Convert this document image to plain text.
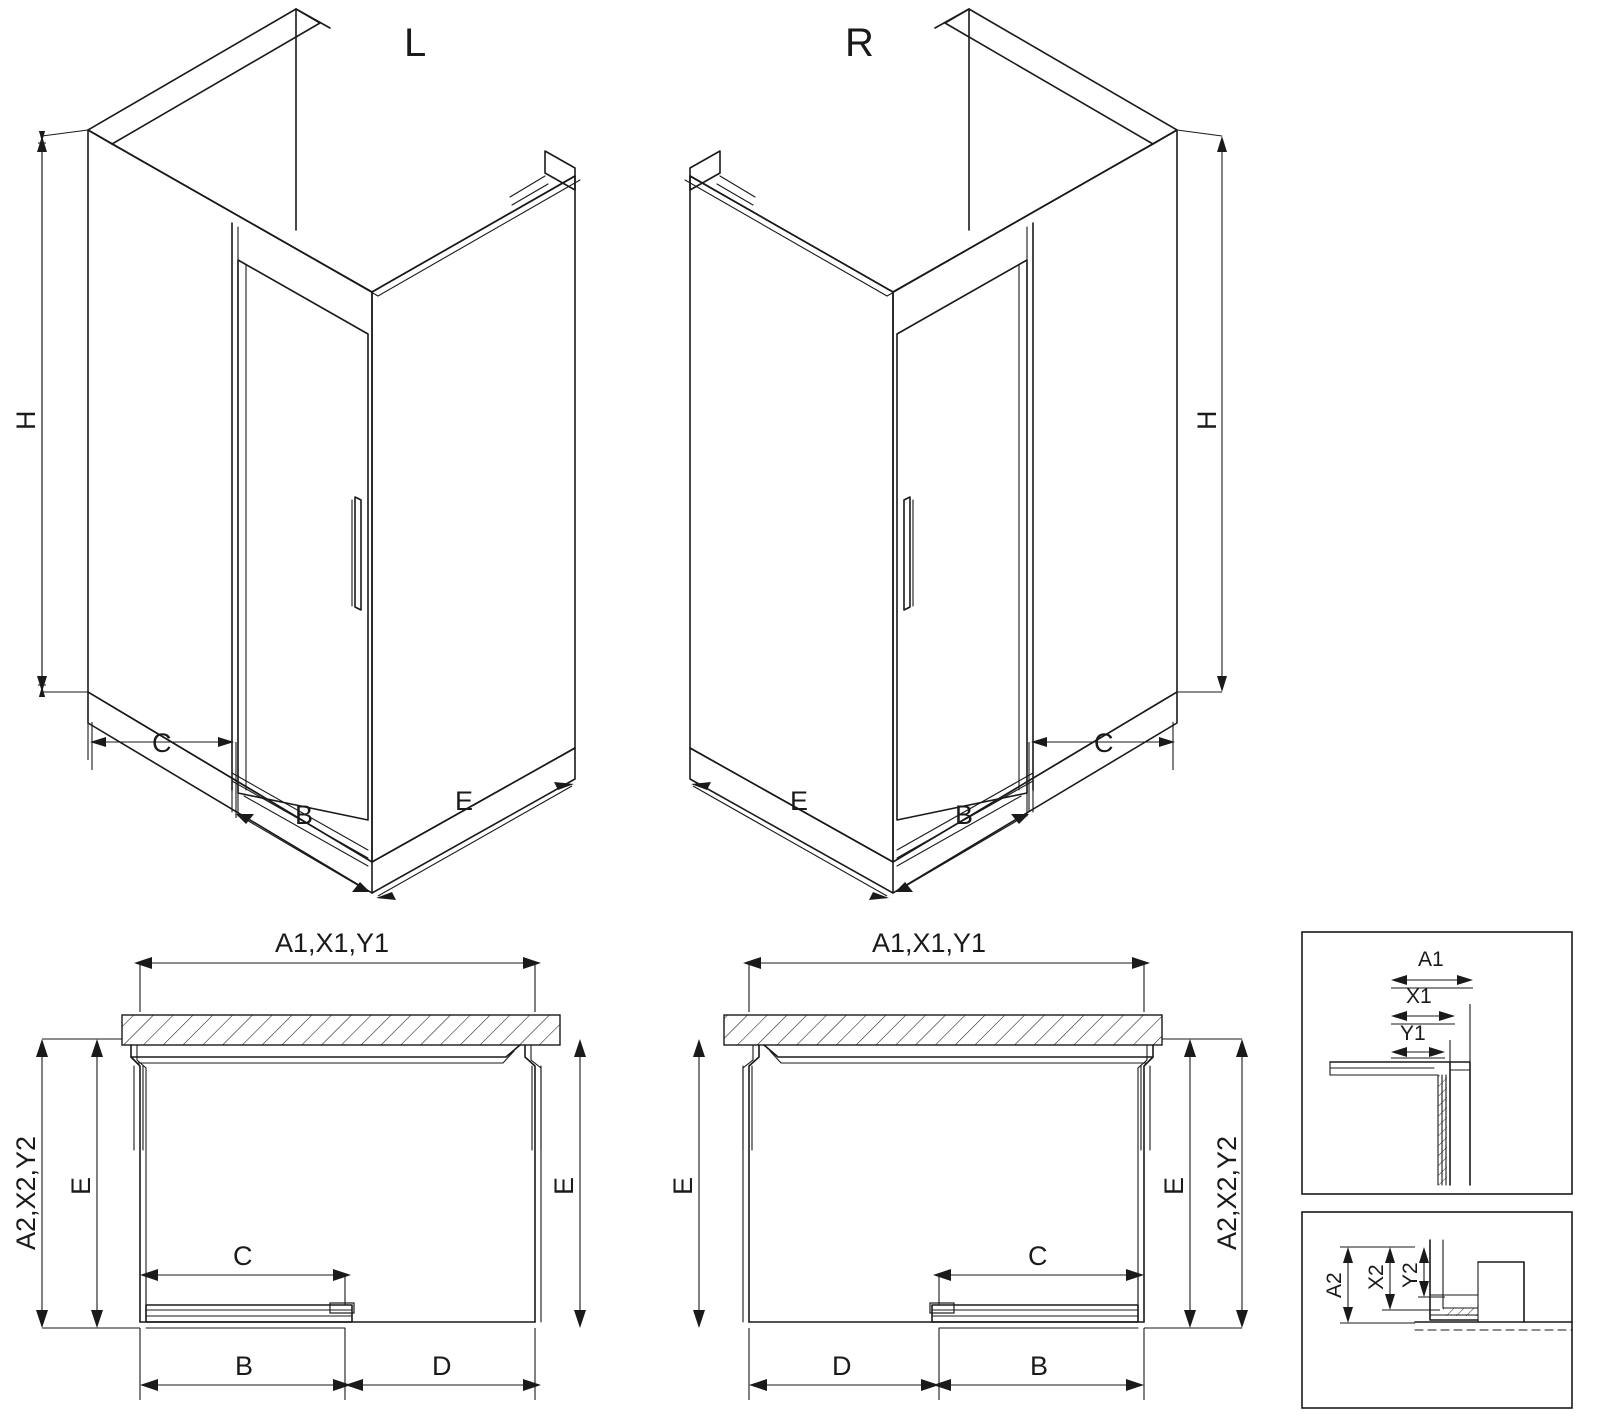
H
C
B	E
L
H
C
B
E
R
A1,X1,Y1
A2,X2,Y2 E	E
C
B	D
A1,X1,Y1
A2,X2,Y2
E	E
C
D	B
A1
X1
Y1
A2 X2 Y2
